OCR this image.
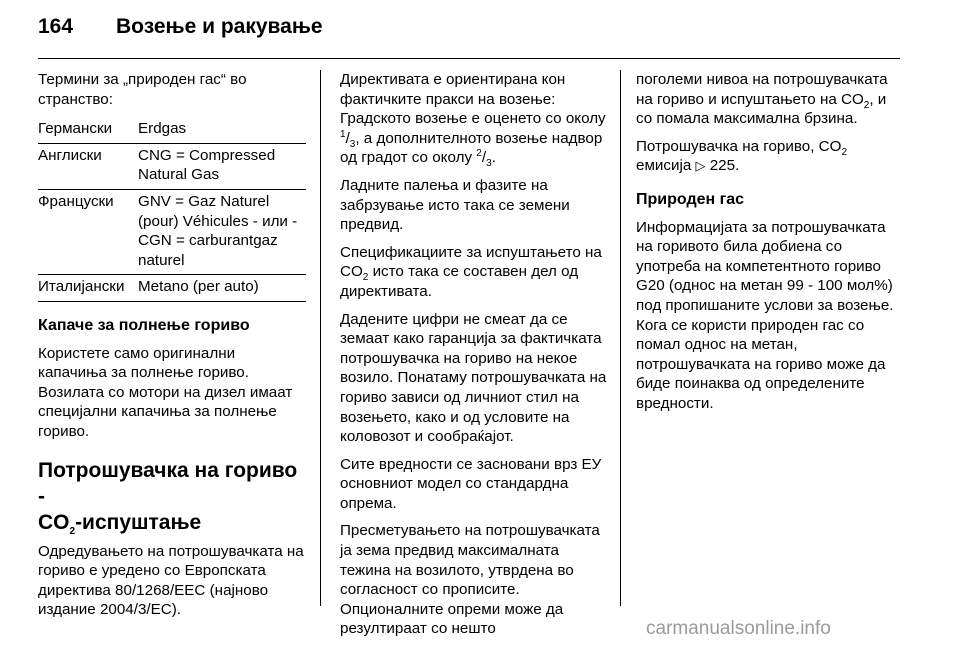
164 Возење и ракување

Термини за „природен гас“ во странство:

Германски	Erdgas
Англиски	CNG = Compressed Natural Gas
Француски	GNV = Gaz Naturel (pour) Véhicules - или -
CGN = carburantgaz naturel

Италијански	Metano (per auto)

Капаче за полнење гориво

Користете само оригинални капачиња за полнење гориво. Возилата со мотори на дизел имаат специјални капачиња за полнење гориво.

Потрошувачка на гориво -
$CO_2$-испуштање

Одредувањето на потрошувачката на гориво е уредено со Европската директива 80/1268/EEC (најново издание 2004/3/EC).

Директивата е ориентирана кон фактичките пракси на возење: Градското возење е оценето со околу $^1/_3$, а дополнителното возење надвор од градот со околу $^2/_3$.

Ладните палења и фазите на забрзување исто така се земени предвид.

Спецификациите за испуштањето на $CO_2$ исто така се составен дел од директивата.

Дадените цифри не смеат да се земаат како гаранција за фактичката потрошувачка на гориво на некое возило. Понатаму потрошувачката на гориво зависи од личниот стил на возењето, како и од условите на коловозот и сообраќајот.

Сите вредности се засновани врз ЕУ основниот модел со стандардна опрема.

Пресметувањето на потрошувачката ја зема предвид максималната тежина на возилото, утврдена во согласност со прописите. Опционалните опреми може да резултираат со нешто

поголеми нивоа на потрошувачката на гориво и испуштањето на $CO_2$, и со помала максимална брзина.

Потрошувачка на гориво, $CO_2$ емисија ▷ 225.

Природен гас

Информацијата за потрошувачката на горивото била добиена со употреба на компетентното гориво G20 (однос на метан 99 - 100 мол%) под пропишаните услови за возење. Кога се користи природен гас со помал однос на метан, потрошувачката на гориво може да биде поинаква од определените вредности.

carmanualsonline.info
